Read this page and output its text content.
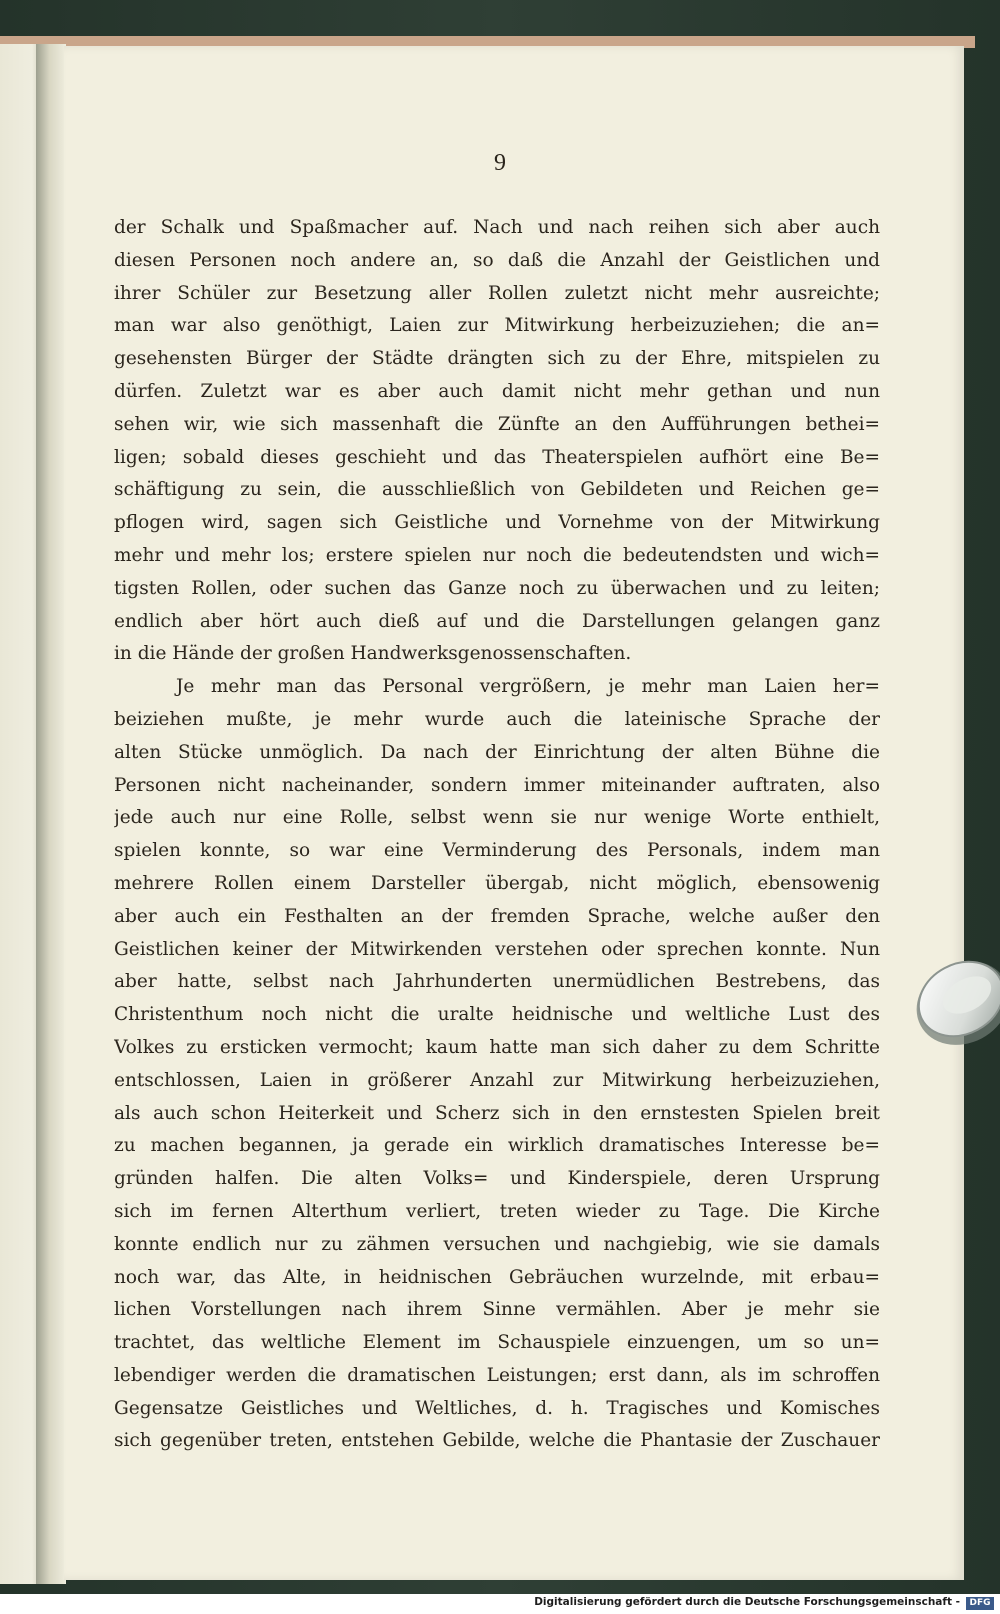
9
der Schalk und Spaßmacher auf. Nach und nach reihen sich aber auch
diesen Personen noch andere an, so daß die Anzahl der Geistlichen und
ihrer Schüler zur Besetzung aller Rollen zuletzt nicht mehr ausreichte;
man war also genöthigt, Laien zur Mitwirkung herbeizuziehen; die an=
gesehensten Bürger der Städte drängten sich zu der Ehre, mitspielen zu
dürfen. Zuletzt war es aber auch damit nicht mehr gethan und nun
sehen wir, wie sich massenhaft die Zünfte an den Aufführungen bethei=
ligen; sobald dieses geschieht und das Theaterspielen aufhört eine Be=
schäftigung zu sein, die ausschließlich von Gebildeten und Reichen ge=
pflogen wird, sagen sich Geistliche und Vornehme von der Mitwirkung
mehr und mehr los; erstere spielen nur noch die bedeutendsten und wich=
tigsten Rollen, oder suchen das Ganze noch zu überwachen und zu leiten;
endlich aber hört auch dieß auf und die Darstellungen gelangen ganz
in die Hände der großen Handwerksgenossenschaften.
Je mehr man das Personal vergrößern, je mehr man Laien her=
beiziehen mußte, je mehr wurde auch die lateinische Sprache der
alten Stücke unmöglich. Da nach der Einrichtung der alten Bühne die
Personen nicht nacheinander, sondern immer miteinander auftraten, also
jede auch nur eine Rolle, selbst wenn sie nur wenige Worte enthielt,
spielen konnte, so war eine Verminderung des Personals, indem man
mehrere Rollen einem Darsteller übergab, nicht möglich, ebensowenig
aber auch ein Festhalten an der fremden Sprache, welche außer den
Geistlichen keiner der Mitwirkenden verstehen oder sprechen konnte. Nun
aber hatte, selbst nach Jahrhunderten unermüdlichen Bestrebens, das
Christenthum noch nicht die uralte heidnische und weltliche Lust des
Volkes zu ersticken vermocht; kaum hatte man sich daher zu dem Schritte
entschlossen, Laien in größerer Anzahl zur Mitwirkung herbeizuziehen,
als auch schon Heiterkeit und Scherz sich in den ernstesten Spielen breit
zu machen begannen, ja gerade ein wirklich dramatisches Interesse be=
gründen halfen. Die alten Volks= und Kinderspiele, deren Ursprung
sich im fernen Alterthum verliert, treten wieder zu Tage. Die Kirche
konnte endlich nur zu zähmen versuchen und nachgiebig, wie sie damals
noch war, das Alte, in heidnischen Gebräuchen wurzelnde, mit erbau=
lichen Vorstellungen nach ihrem Sinne vermählen. Aber je mehr sie
trachtet, das weltliche Element im Schauspiele einzuengen, um so un=
lebendiger werden die dramatischen Leistungen; erst dann, als im schroffen
Gegensatze Geistliches und Weltliches, d. h. Tragisches und Komisches
sich gegenüber treten, entstehen Gebilde, welche die Phantasie der Zuschauer
Digitalisierung gefördert durch die Deutsche Forschungsgemeinschaft -	DFG
